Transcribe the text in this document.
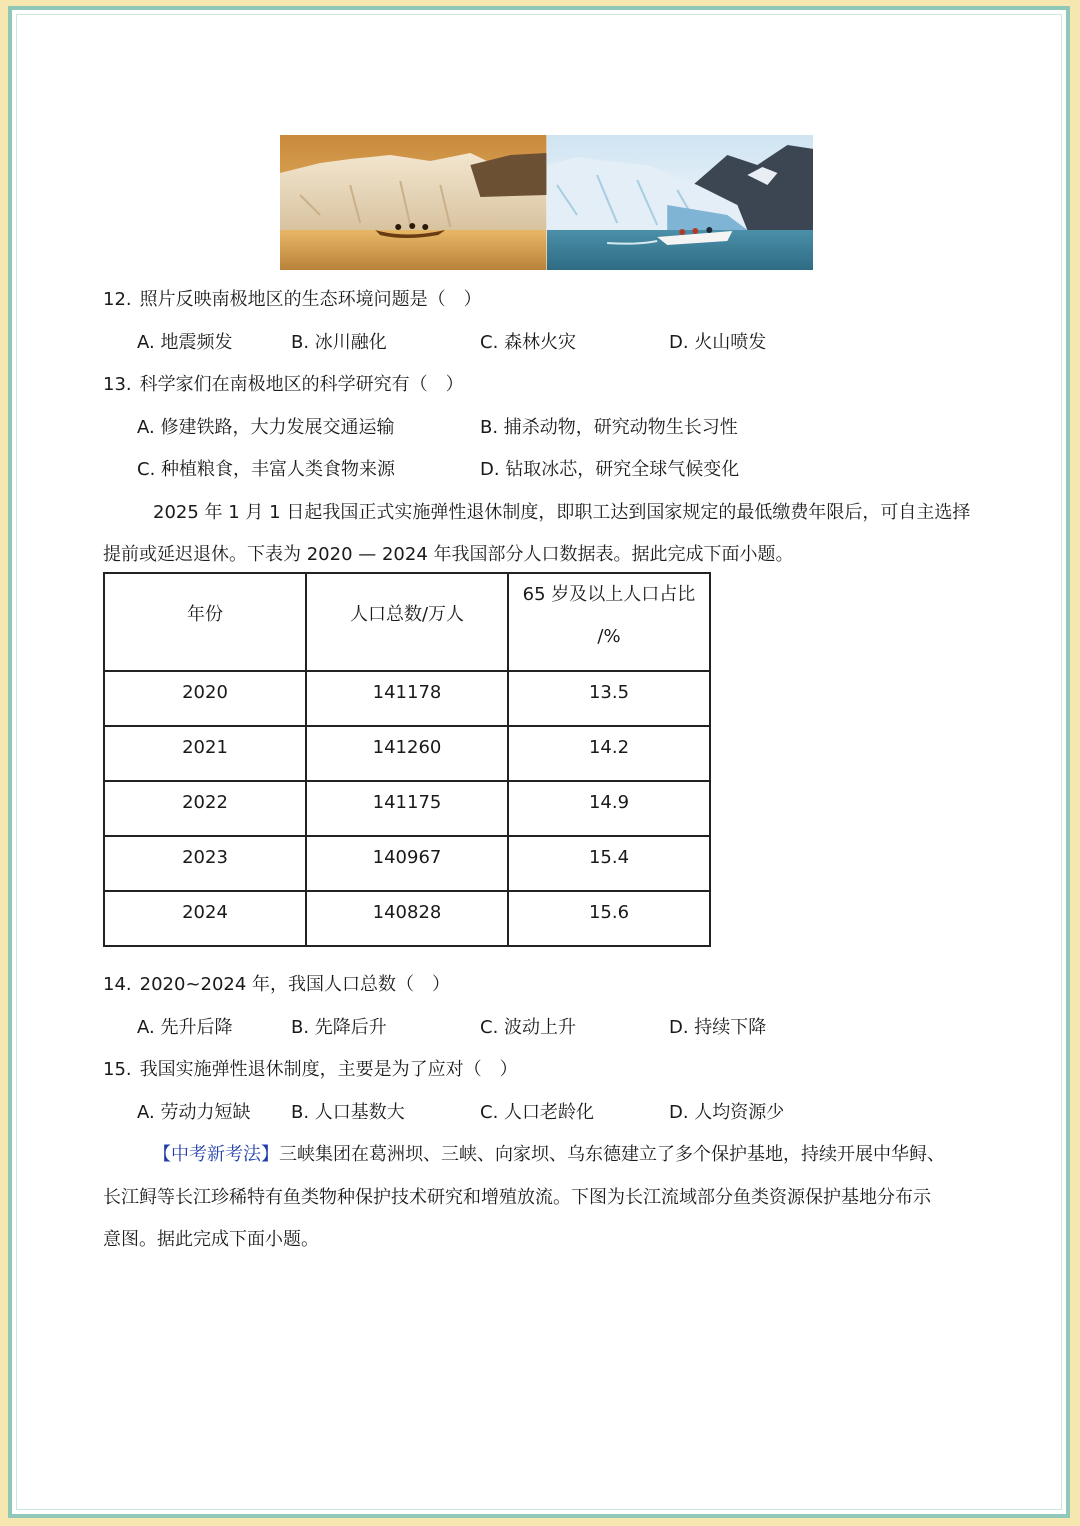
12. 照片反映南极地区的生态环境问题是（　）
A. 地震频发	B. 冰川融化	C. 森林火灾	D. 火山喷发
13. 科学家们在南极地区的科学研究有（　）
A. 修建铁路，大力发展交通运输	B. 捕杀动物，研究动物生长习性
C. 种植粮食，丰富人类食物来源	D. 钻取冰芯，研究全球气候变化
2025 年 1 月 1 日起我国正式实施弹性退休制度，即职工达到国家规定的最低缴费年限后，可自主选择
提前或延迟退休。下表为 2020 — 2024 年我国部分人口数据表。据此完成下面小题。
年份	人口总数/万人	65 岁及以上人口占比
/%

2020	141178	13.5
2021	141260	14.2
2022	141175	14.9
2023	140967	15.4
2024	140828	15.6
14. 2020~2024 年，我国人口总数（　）
A. 先升后降	B. 先降后升	C. 波动上升	D. 持续下降
15. 我国实施弹性退休制度，主要是为了应对（　）
A. 劳动力短缺 B. 人口基数大	C. 人口老龄化	D. 人均资源少
【中考新考法】三峡集团在葛洲坝、三峡、向家坝、乌东德建立了多个保护基地，持续开展中华鲟、
长江鲟等长江珍稀特有鱼类物种保护技术研究和增殖放流。下图为长江流域部分鱼类资源保护基地分布示
意图。据此完成下面小题。
